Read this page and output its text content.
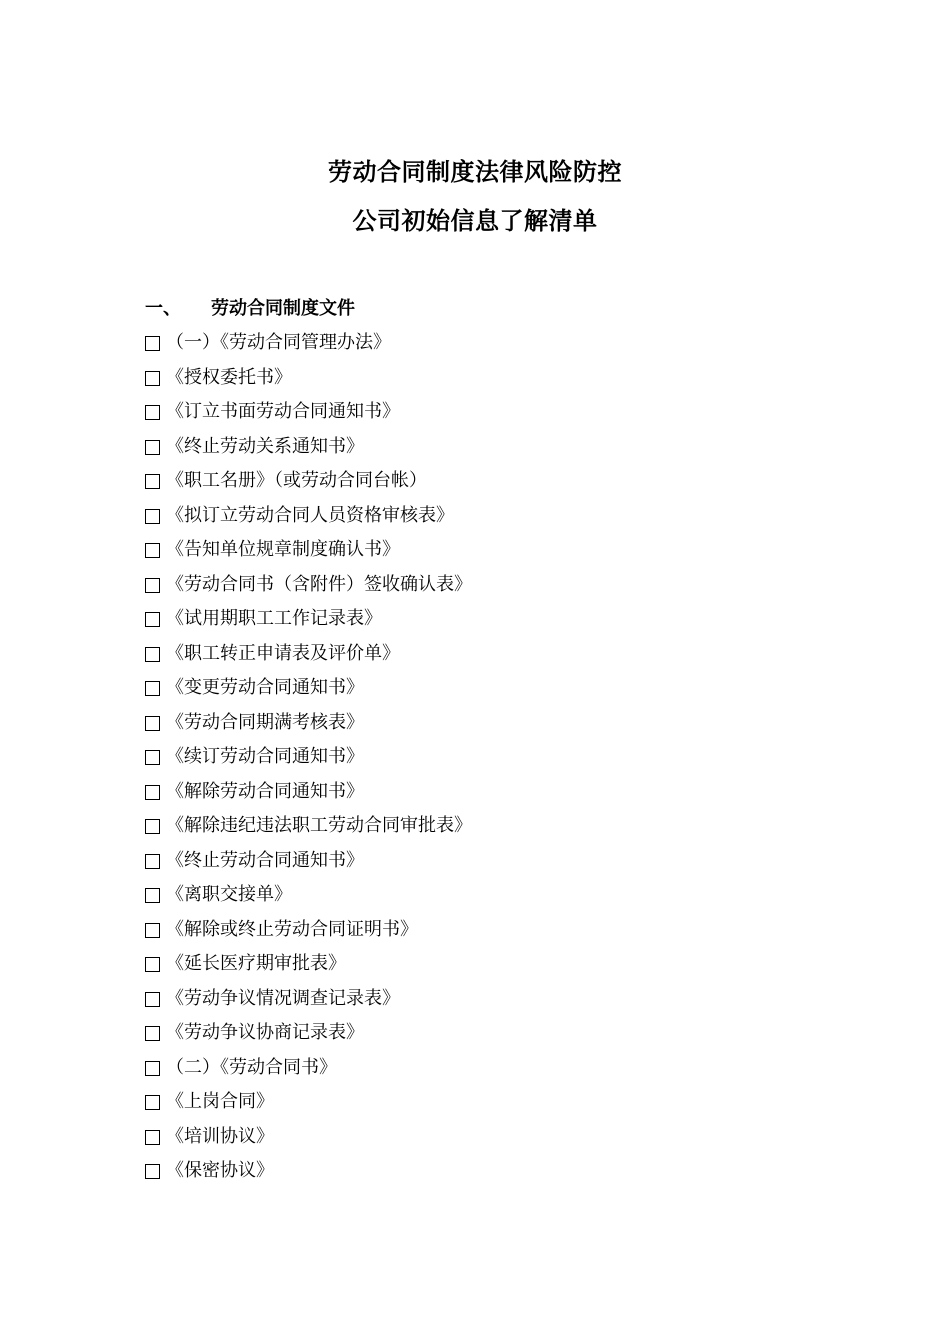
劳动合同制度法律风险防控
公司初始信息了解清单
一、 劳动合同制度文件
（一）《劳动合同管理办法》
《授权委托书》
《订立书面劳动合同通知书》
《终止劳动关系通知书》
《职工名册》（或劳动合同台帐）
《拟订立劳动合同人员资格审核表》
《告知单位规章制度确认书》
《劳动合同书（含附件）签收确认表》
《试用期职工工作记录表》
《职工转正申请表及评价单》
《变更劳动合同通知书》
《劳动合同期满考核表》
《续订劳动合同通知书》
《解除劳动合同通知书》
《解除违纪违法职工劳动合同审批表》
《终止劳动合同通知书》
《离职交接单》
《解除或终止劳动合同证明书》
《延长医疗期审批表》
《劳动争议情况调查记录表》
《劳动争议协商记录表》
（二）《劳动合同书》
《上岗合同》
《培训协议》
《保密协议》
